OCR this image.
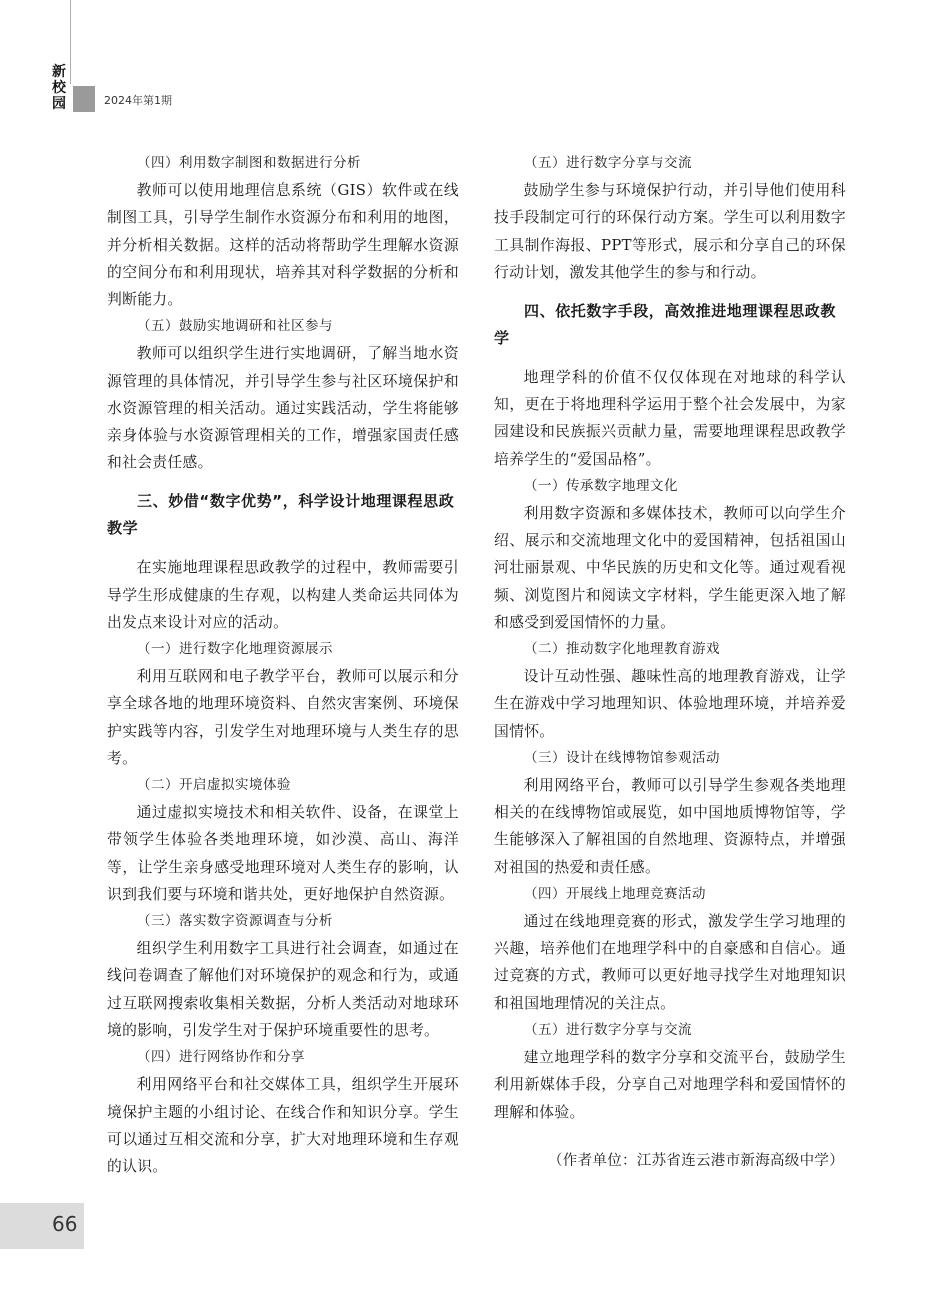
新
校
园	2024年第1期

（四）利用数字制图和数据进行分析

教师可以使用地理信息系统（GIS）软件或在线制图工具，引导学生制作水资源分布和利用的地图，并分析相关数据。这样的活动将帮助学生理解水资源的空间分布和利用现状，培养其对科学数据的分析和判断能力。

（五）鼓励实地调研和社区参与

教师可以组织学生进行实地调研，了解当地水资源管理的具体情况，并引导学生参与社区环境保护和水资源管理的相关活动。通过实践活动，学生将能够亲身体验与水资源管理相关的工作，增强家国责任感和社会责任感。

三、妙借“数字优势”，科学设计地理课程思政教学

在实施地理课程思政教学的过程中，教师需要引导学生形成健康的生存观，以构建人类命运共同体为出发点来设计对应的活动。

（一）进行数字化地理资源展示

利用互联网和电子教学平台，教师可以展示和分享全球各地的地理环境资料、自然灾害案例、环境保护实践等内容，引发学生对地理环境与人类生存的思考。

（二）开启虚拟实境体验

通过虚拟实境技术和相关软件、设备，在课堂上带领学生体验各类地理环境，如沙漠、高山、海洋等，让学生亲身感受地理环境对人类生存的影响，认识到我们要与环境和谐共处，更好地保护自然资源。

（三）落实数字资源调查与分析

组织学生利用数字工具进行社会调查，如通过在线问卷调查了解他们对环境保护的观念和行为，或通过互联网搜索收集相关数据，分析人类活动对地球环境的影响，引发学生对于保护环境重要性的思考。

（四）进行网络协作和分享

利用网络平台和社交媒体工具，组织学生开展环境保护主题的小组讨论、在线合作和知识分享。学生可以通过互相交流和分享，扩大对地理环境和生存观的认识。

（五）进行数字分享与交流

鼓励学生参与环境保护行动，并引导他们使用科技手段制定可行的环保行动方案。学生可以利用数字工具制作海报、PPT等形式，展示和分享自己的环保行动计划，激发其他学生的参与和行动。

四、依托数字手段，高效推进地理课程思政教学

地理学科的价值不仅仅体现在对地球的科学认知，更在于将地理科学运用于整个社会发展中，为家园建设和民族振兴贡献力量，需要地理课程思政教学培养学生的“爱国品格”。

（一）传承数字地理文化

利用数字资源和多媒体技术，教师可以向学生介绍、展示和交流地理文化中的爱国精神，包括祖国山河壮丽景观、中华民族的历史和文化等。通过观看视频、浏览图片和阅读文字材料，学生能更深入地了解和感受到爱国情怀的力量。

（二）推动数字化地理教育游戏

设计互动性强、趣味性高的地理教育游戏，让学生在游戏中学习地理知识、体验地理环境，并培养爱国情怀。

（三）设计在线博物馆参观活动

利用网络平台，教师可以引导学生参观各类地理相关的在线博物馆或展览，如中国地质博物馆等，学生能够深入了解祖国的自然地理、资源特点，并增强对祖国的热爱和责任感。

（四）开展线上地理竞赛活动

通过在线地理竞赛的形式，激发学生学习地理的兴趣，培养他们在地理学科中的自豪感和自信心。通过竞赛的方式，教师可以更好地寻找学生对地理知识和祖国地理情况的关注点。

（五）进行数字分享与交流

建立地理学科的数字分享和交流平台，鼓励学生利用新媒体手段，分享自己对地理学科和爱国情怀的理解和体验。

（作者单位：江苏省连云港市新海高级中学）

66
